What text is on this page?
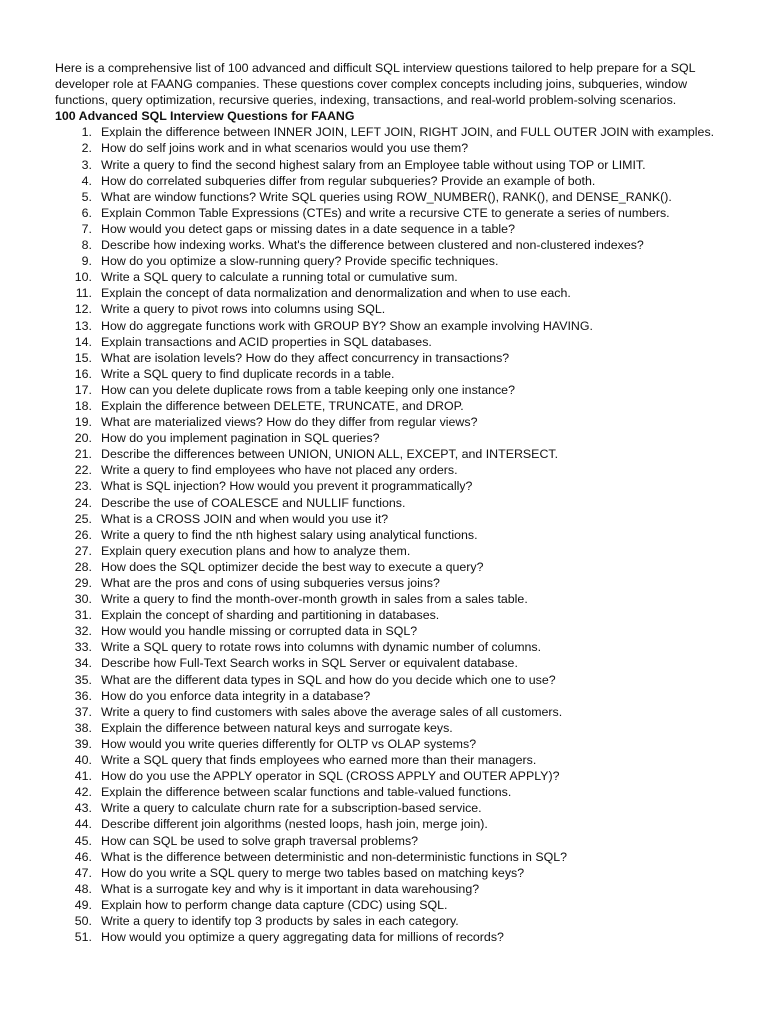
Here is a comprehensive list of 100 advanced and difficult SQL interview questions tailored to help prepare for a SQL developer role at FAANG companies. These questions cover complex concepts including joins, subqueries, window functions, query optimization, recursive queries, indexing, transactions, and real-world problem-solving scenarios.

100 Advanced SQL Interview Questions for FAANG

1. Explain the difference between INNER JOIN, LEFT JOIN, RIGHT JOIN, and FULL OUTER JOIN with examples.
2. How do self joins work and in what scenarios would you use them?
3. Write a query to find the second highest salary from an Employee table without using TOP or LIMIT.
4. How do correlated subqueries differ from regular subqueries? Provide an example of both.
5. What are window functions? Write SQL queries using ROW_NUMBER(), RANK(), and DENSE_RANK().
6. Explain Common Table Expressions (CTEs) and write a recursive CTE to generate a series of numbers.
7. How would you detect gaps or missing dates in a date sequence in a table?
8. Describe how indexing works. What's the difference between clustered and non-clustered indexes?
9. How do you optimize a slow-running query? Provide specific techniques.
10. Write a SQL query to calculate a running total or cumulative sum.
11. Explain the concept of data normalization and denormalization and when to use each.
12. Write a query to pivot rows into columns using SQL.
13. How do aggregate functions work with GROUP BY? Show an example involving HAVING.
14. Explain transactions and ACID properties in SQL databases.
15. What are isolation levels? How do they affect concurrency in transactions?
16. Write a SQL query to find duplicate records in a table.
17. How can you delete duplicate rows from a table keeping only one instance?
18. Explain the difference between DELETE, TRUNCATE, and DROP.
19. What are materialized views? How do they differ from regular views?
20. How do you implement pagination in SQL queries?
21. Describe the differences between UNION, UNION ALL, EXCEPT, and INTERSECT.
22. Write a query to find employees who have not placed any orders.
23. What is SQL injection? How would you prevent it programmatically?
24. Describe the use of COALESCE and NULLIF functions.
25. What is a CROSS JOIN and when would you use it?
26. Write a query to find the nth highest salary using analytical functions.
27. Explain query execution plans and how to analyze them.
28. How does the SQL optimizer decide the best way to execute a query?
29. What are the pros and cons of using subqueries versus joins?
30. Write a query to find the month-over-month growth in sales from a sales table.
31. Explain the concept of sharding and partitioning in databases.
32. How would you handle missing or corrupted data in SQL?
33. Write a SQL query to rotate rows into columns with dynamic number of columns.
34. Describe how Full-Text Search works in SQL Server or equivalent database.
35. What are the different data types in SQL and how do you decide which one to use?
36. How do you enforce data integrity in a database?
37. Write a query to find customers with sales above the average sales of all customers.
38. Explain the difference between natural keys and surrogate keys.
39. How would you write queries differently for OLTP vs OLAP systems?
40. Write a SQL query that finds employees who earned more than their managers.
41. How do you use the APPLY operator in SQL (CROSS APPLY and OUTER APPLY)?
42. Explain the difference between scalar functions and table-valued functions.
43. Write a query to calculate churn rate for a subscription-based service.
44. Describe different join algorithms (nested loops, hash join, merge join).
45. How can SQL be used to solve graph traversal problems?
46. What is the difference between deterministic and non-deterministic functions in SQL?
47. How do you write a SQL query to merge two tables based on matching keys?
48. What is a surrogate key and why is it important in data warehousing?
49. Explain how to perform change data capture (CDC) using SQL.
50. Write a query to identify top 3 products by sales in each category.
51. How would you optimize a query aggregating data for millions of records?
